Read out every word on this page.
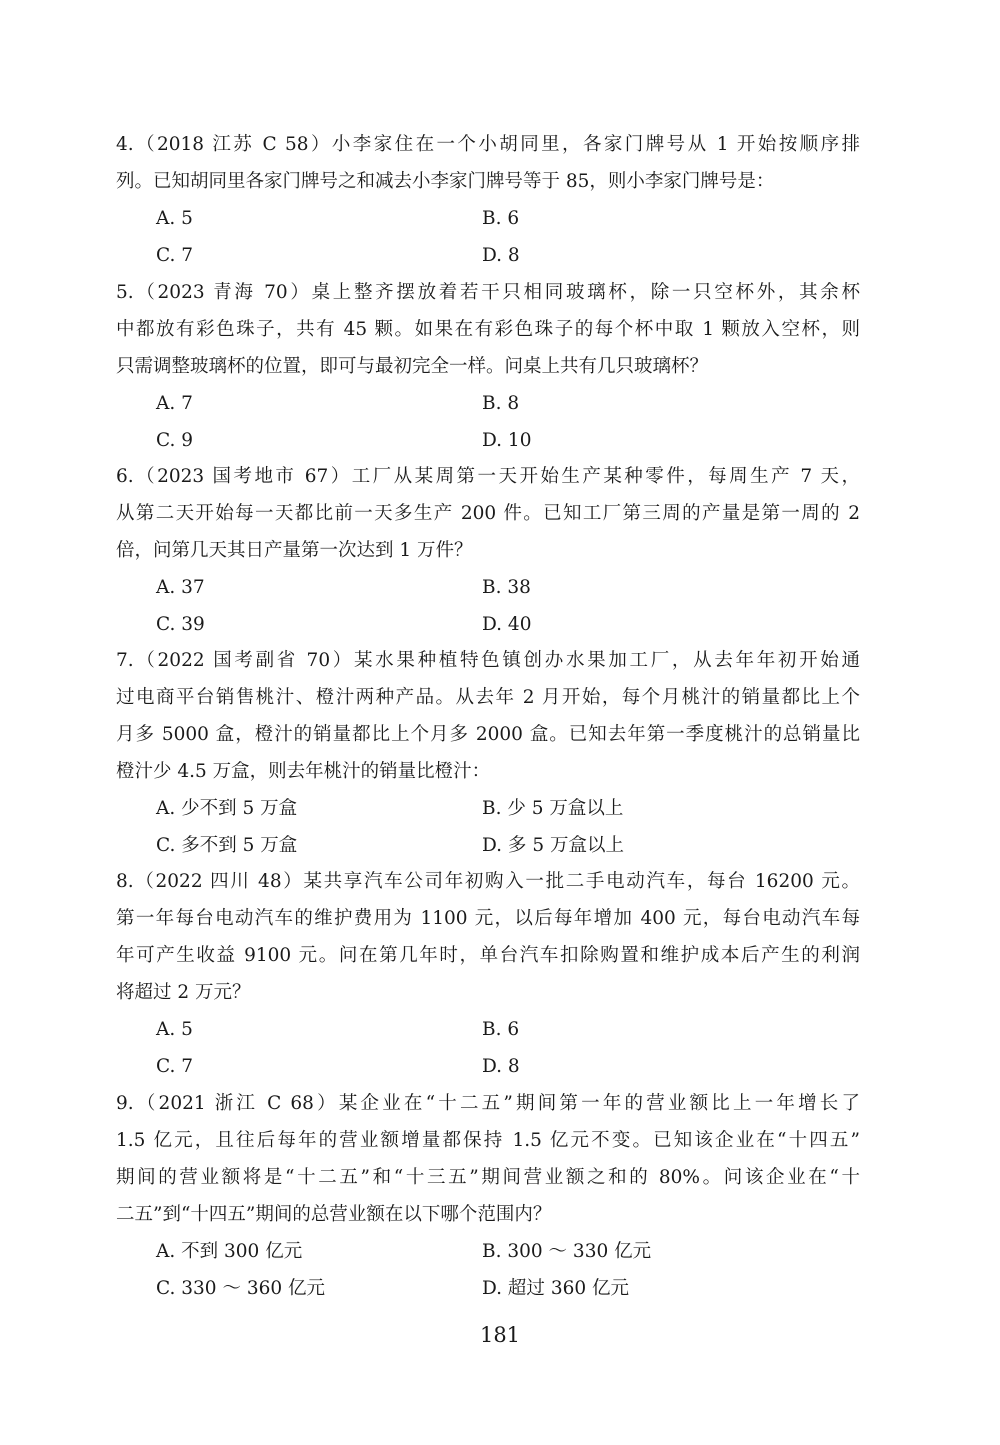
4.（2018 江苏 C 58）小李家住在一个小胡同里，各家门牌号从 1 开始按顺序排
列。已知胡同里各家门牌号之和减去小李家门牌号等于 85，则小李家门牌号是：
A. 5	B. 6
C. 7	D. 8
5.（2023 青海 70）桌上整齐摆放着若干只相同玻璃杯，除一只空杯外，其余杯
中都放有彩色珠子，共有 45 颗。如果在有彩色珠子的每个杯中取 1 颗放入空杯，则
只需调整玻璃杯的位置，即可与最初完全一样。问桌上共有几只玻璃杯？
A. 7	B. 8
C. 9	D. 10
6.（2023 国考地市 67）工厂从某周第一天开始生产某种零件，每周生产 7 天，
从第二天开始每一天都比前一天多生产 200 件。已知工厂第三周的产量是第一周的 2
倍，问第几天其日产量第一次达到 1 万件？
A. 37	B. 38
C. 39	D. 40
7.（2022 国考副省 70）某水果种植特色镇创办水果加工厂，从去年年初开始通
过电商平台销售桃汁、橙汁两种产品。从去年 2 月开始，每个月桃汁的销量都比上个
月多 5000 盒，橙汁的销量都比上个月多 2000 盒。已知去年第一季度桃汁的总销量比
橙汁少 4.5 万盒，则去年桃汁的销量比橙汁：
A. 少不到 5 万盒	B. 少 5 万盒以上
C. 多不到 5 万盒	D. 多 5 万盒以上
8.（2022 四川 48）某共享汽车公司年初购入一批二手电动汽车，每台 16200 元。
第一年每台电动汽车的维护费用为 1100 元，以后每年增加 400 元，每台电动汽车每
年可产生收益 9100 元。问在第几年时，单台汽车扣除购置和维护成本后产生的利润
将超过 2 万元？
A. 5	B. 6
C. 7	D. 8
9.（2021 浙江 C 68）某企业在“十二五”期间第一年的营业额比上一年增长了
1.5 亿元，且往后每年的营业额增量都保持 1.5 亿元不变。已知该企业在“十四五”
期间的营业额将是“十二五”和“十三五”期间营业额之和的 80%。问该企业在“十
二五”到“十四五”期间的总营业额在以下哪个范围内？
A. 不到 300 亿元	B. 300 ～ 330 亿元
C. 330 ～ 360 亿元	D. 超过 360 亿元
181
